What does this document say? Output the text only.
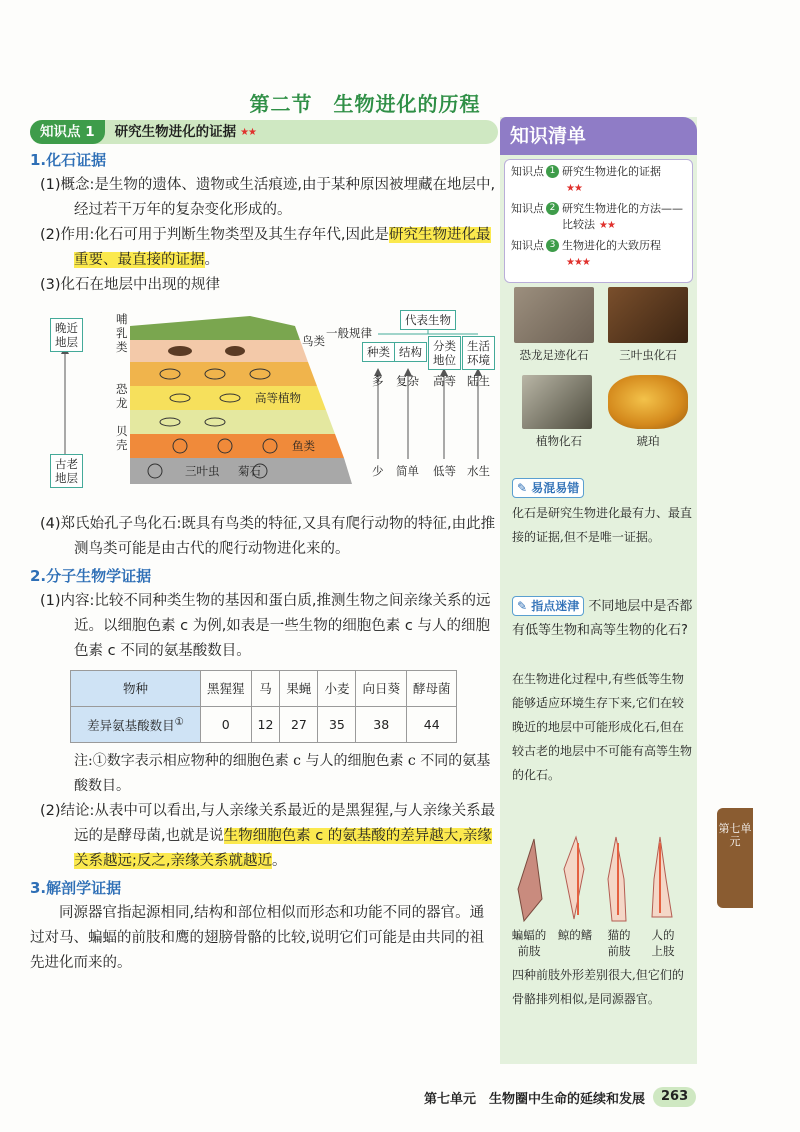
第二节　生物进化的历程
知识点 1	研究生物进化的证据 ★★
1.化石证据
(1)概念:是生物的遗体、遗物或生活痕迹,由于某种原因被埋藏在地层中,经过若干万年的复杂变化形成的。
(2)作用:化石可用于判断生物类型及其生存年代,因此是研究生物进化最重要、最直接的证据。
(3)化石在地层中出现的规律
晚近
地层
古老
地层
哺乳类	鸟类
恐龙	高等植物
贝壳	鱼类
三叶虫 菊石
一般规律
代表生物
种类 结构 分类
地位
生活
环境
多 复杂 高等 陆生
少 简单 低等 水生
(4)郑氏始孔子鸟化石:既具有鸟类的特征,又具有爬行动物的特征,由此推测鸟类可能是由古代的爬行动物进化来的。
2.分子生物学证据
(1)内容:比较不同种类生物的基因和蛋白质,推测生物之间亲缘关系的远近。以细胞色素 c 为例,如表是一些生物的细胞色素 c 与人的细胞色素 c 不同的氨基酸数目。
物种	黑猩猩	马	果蝇	小麦	向日葵	酵母菌
差异氨基酸数目①	0	12	27	35	38	44
注:①数字表示相应物种的细胞色素 c 与人的细胞色素 c 不同的氨基酸数目。
(2)结论:从表中可以看出,与人亲缘关系最近的是黑猩猩,与人亲缘关系最远的是酵母菌,也就是说生物细胞色素 c 的氨基酸的差异越大,亲缘关系越远;反之,亲缘关系就越近。
3.解剖学证据
同源器官指起源相同,结构和部位相似而形态和功能不同的器官。通过对马、蝙蝠的前肢和鹰的翅膀骨骼的比较,说明它们可能是由共同的祖先进化而来的。
知识清单
知识点 1 研究生物进化的证据
★★
知识点 2 研究生物进化的方法——比较法 ★★
知识点 3 生物进化的大致历程
★★★
恐龙足迹化石	三叶虫化石
植物化石	琥珀
✎ 易混易错
化石是研究生物进化最有力、最直接的证据,但不是唯一证据。
✎ 指点迷津 不同地层中是否都有低等生物和高等生物的化石?
在生物进化过程中,有些低等生物能够适应环境生存下来,它们在较晚近的地层中可能形成化石,但在较古老的地层中不可能有高等生物的化石。
蝙蝠的
前肢
鲸的鳍	猫的
前肢
人的
上肢
四种前肢外形差别很大,但它们的骨骼排列相似,是同源器官。
第七单元
第七单元　生物圈中生命的延续和发展	263
